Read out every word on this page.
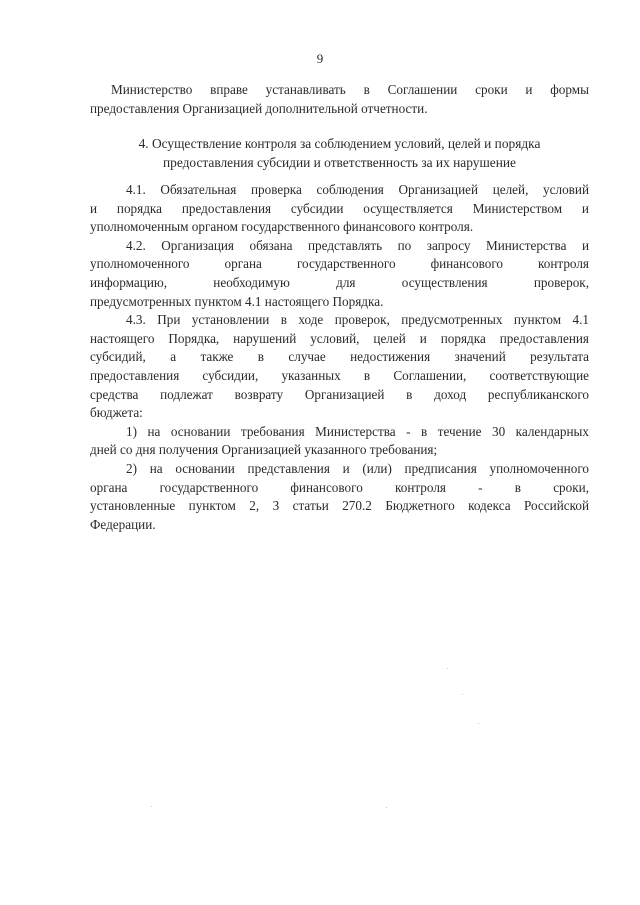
9
Министерство вправе устанавливать в Соглашении сроки и формы
предоставления Организацией дополнительной отчетности.
4. Осуществление контроля за соблюдением условий, целей и порядка
предоставления субсидии и ответственность за их нарушение
4.1. Обязательная проверка соблюдения Организацией целей, условий
и порядка предоставления субсидии осуществляется Министерством и
уполномоченным органом государственного финансового контроля.
4.2. Организация обязана представлять по запросу Министерства и
уполномоченного органа государственного финансового контроля
информацию, необходимую для осуществления проверок,
предусмотренных пунктом 4.1 настоящего Порядка.
4.3. При установлении в ходе проверок, предусмотренных пунктом 4.1
настоящего Порядка, нарушений условий, целей и порядка предоставления
субсидий, а также в случае недостижения значений результата
предоставления субсидии, указанных в Соглашении, соответствующие
средства подлежат возврату Организацией в доход республиканского
бюджета:
1) на основании требования Министерства - в течение 30 календарных
дней со дня получения Организацией указанного требования;
2) на основании представления и (или) предписания уполномоченного
органа государственного финансового контроля - в сроки,
установленные пунктом 2, 3 статьи 270.2 Бюджетного кодекса Российской
Федерации.
